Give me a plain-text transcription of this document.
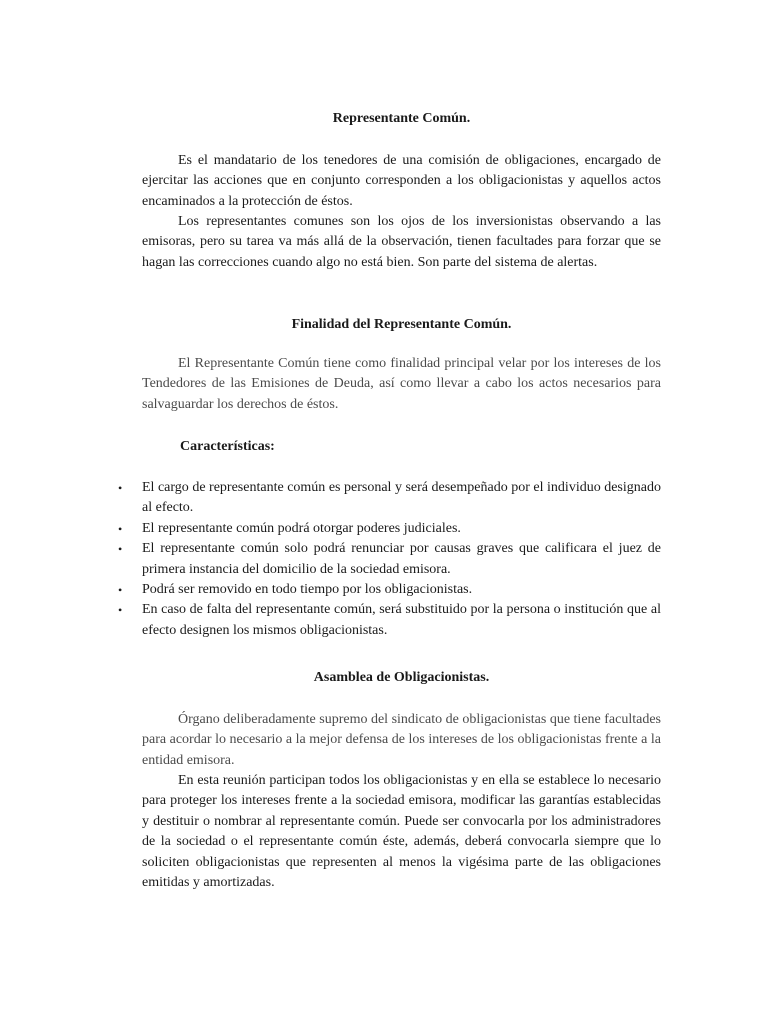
Representante Común.

Es el mandatario de los tenedores de una comisión de obligaciones, encargado de ejercitar las acciones que en conjunto corresponden a los obligacionistas y aquellos actos encaminados a la protección de éstos.

Los representantes comunes son los ojos de los inversionistas observando a las emisoras, pero su tarea va más allá de la observación, tienen facultades para forzar que se hagan las correcciones cuando algo no está bien. Son parte del sistema de alertas.

Finalidad del Representante Común.

El Representante Común tiene como finalidad principal velar por los intereses de los Tendedores de las Emisiones de Deuda, así como llevar a cabo los actos necesarios para salvaguardar los derechos de éstos.

Características:
• El cargo de representante común es personal y será desempeñado por el individuo designado al efecto.
• El representante común podrá otorgar poderes judiciales.
• El representante común solo podrá renunciar por causas graves que calificara el juez de primera instancia del domicilio de la sociedad emisora.
• Podrá ser removido en todo tiempo por los obligacionistas.
• En caso de falta del representante común, será substituido por la persona o institución que al efecto designen los mismos obligacionistas.
Asamblea de Obligacionistas.

Órgano deliberadamente supremo del sindicato de obligacionistas que tiene facultades para acordar lo necesario a la mejor defensa de los intereses de los obligacionistas frente a la entidad emisora.

En esta reunión participan todos los obligacionistas y en ella se establece lo necesario para proteger los intereses frente a la sociedad emisora, modificar las garantías establecidas y destituir o nombrar al representante común. Puede ser convocarla por los administradores de la sociedad o el representante común éste, además, deberá convocarla siempre que lo soliciten obligacionistas que representen al menos la vigésima parte de las obligaciones emitidas y amortizadas.
